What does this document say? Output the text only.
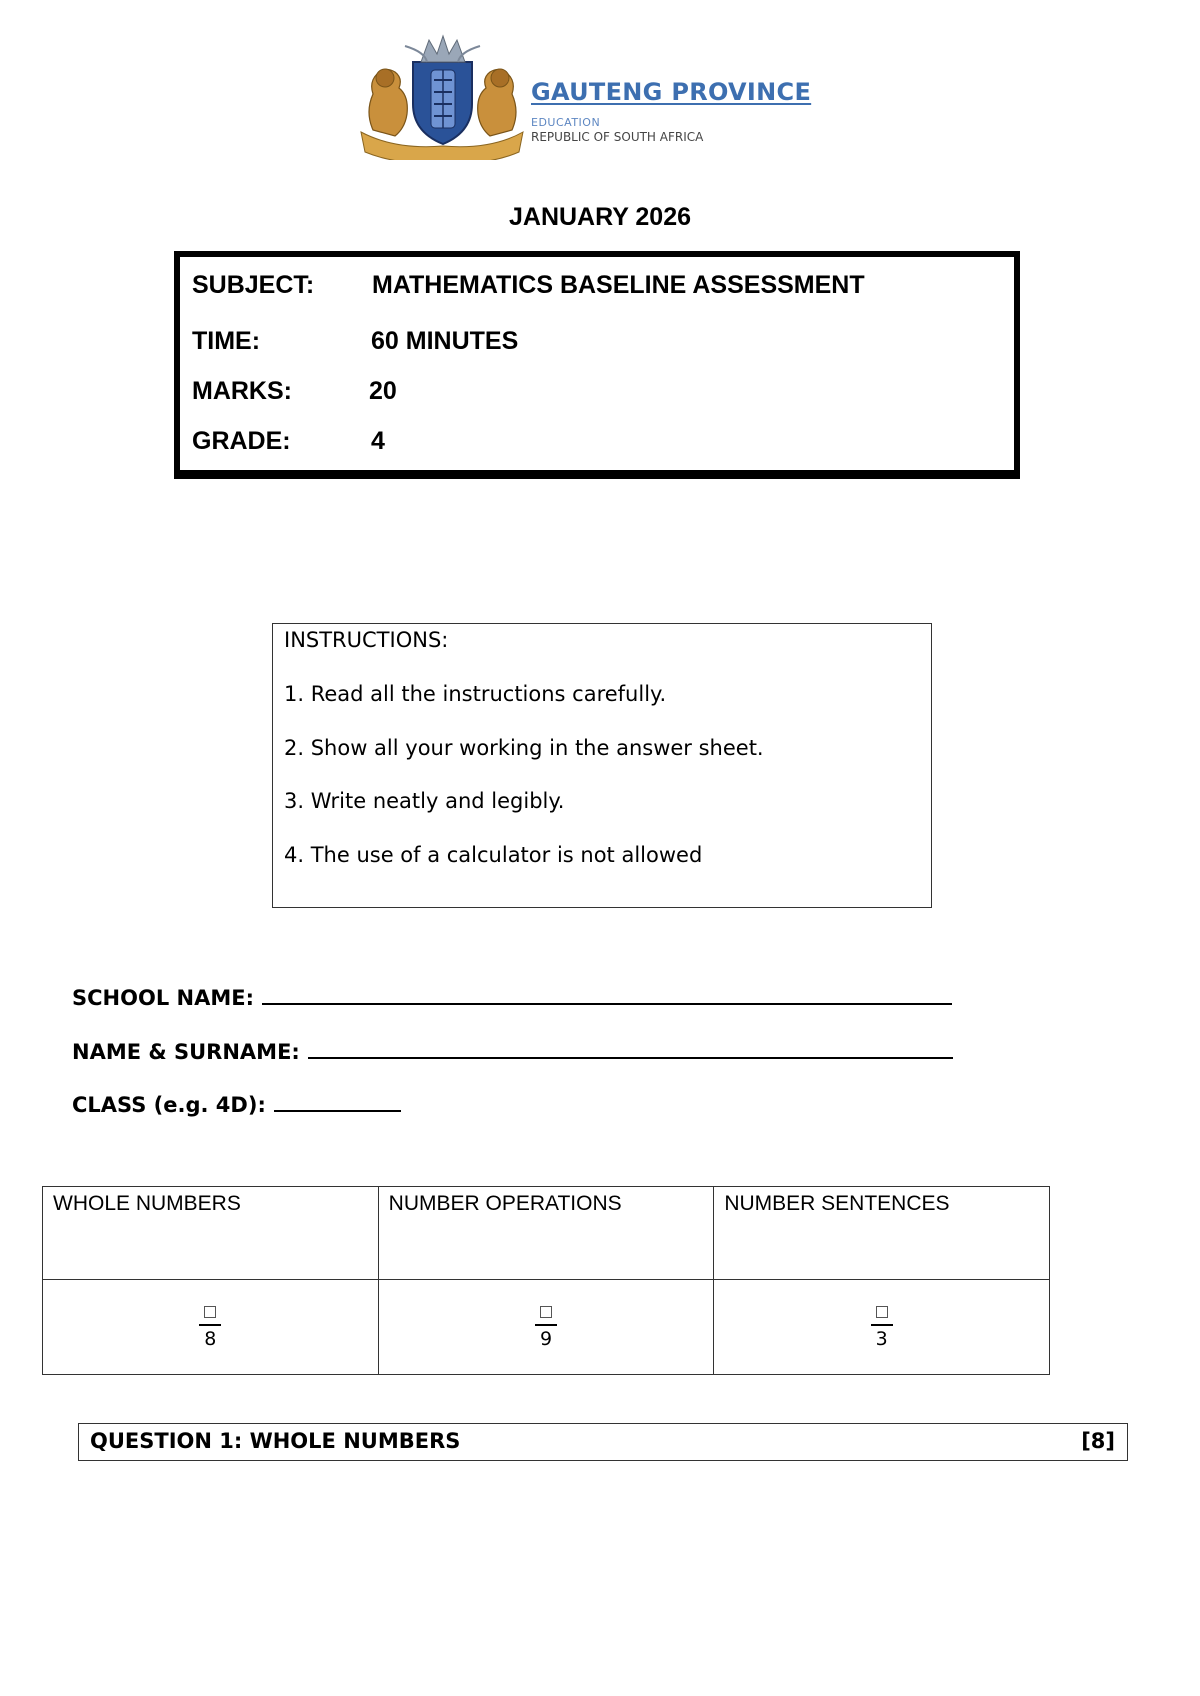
GAUTENG PROVINCE
EDUCATION
REPUBLIC OF SOUTH AFRICA
JANUARY 2026
SUBJECT: MATHEMATICS BASELINE ASSESSMENT
TIME:	60 MINUTES
MARKS:	20
GRADE:	4
INSTRUCTIONS:
1. Read all the instructions carefully.
2. Show all your working in the answer sheet.
3. Write neatly and legibly.
4. The use of a calculator is not allowed
SCHOOL NAME:
NAME & SURNAME:
CLASS (e.g. 4D):
WHOLE NUMBERS	NUMBER OPERATIONS	NUMBER SENTENCES

8	9	3
QUESTION 1: WHOLE NUMBERS	[8]
